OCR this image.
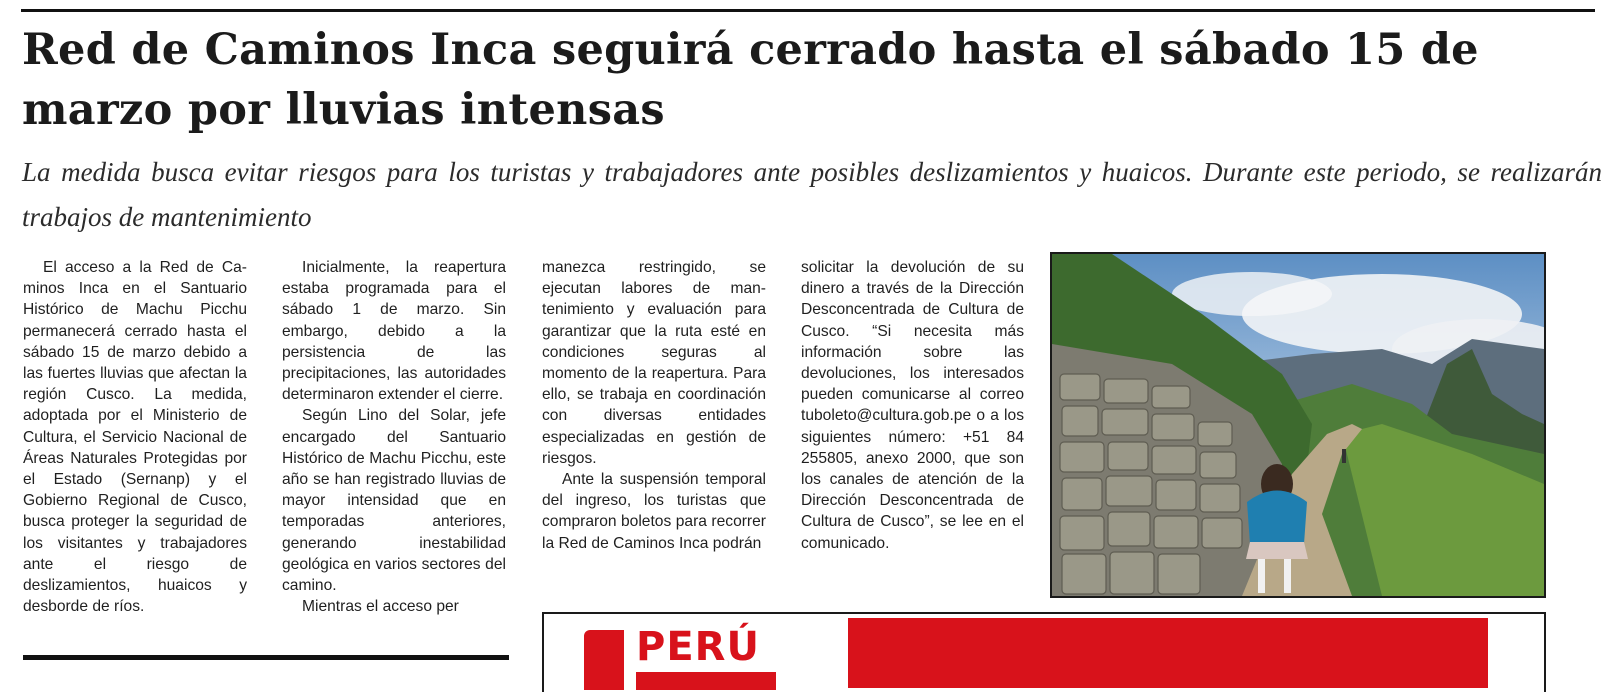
Red de Caminos Inca seguirá cerrado hasta el sábado 15 de marzo por lluvias intensas

La medida busca evitar riesgos para los turistas y trabajadores ante posibles deslizamientos y huaicos. Durante este periodo, se realizarán trabajos de mantenimiento

El acceso a la Red de Caminos Inca en el Santuario Histórico de Machu Picchu permanecerá cerrado hasta el sábado 15 de marzo debido a las fuertes lluvias que afectan la región Cusco. La medida, adoptada por el Ministerio de Cultura, el Servicio Nacional de Áreas Naturales Protegidas por el Estado (Sernanp) y el Gobierno Regional de Cusco, busca proteger la seguridad de los visitantes y trabajadores ante el riesgo de deslizamientos, huaicos y desborde de ríos.

Inicialmente, la reapertura estaba programada para el sábado 1 de marzo. Sin embargo, debido a la persistencia de las precipitaciones, las autoridades determinaron extender el cierre.

Según Lino del Solar, jefe encargado del Santuario Histórico de Machu Picchu, este año se han registrado lluvias de mayor intensidad que en temporadas anteriores, generando inestabilidad geológica en varios sectores del camino.

Mientras el acceso per

manezca restringido, se ejecutan labores de mantenimiento y evaluación para garantizar que la ruta esté en condiciones seguras al momento de la reapertura. Para ello, se trabaja en coordinación con diversas entidades especializadas en gestión de riesgos.

Ante la suspensión temporal del ingreso, los turistas que compraron boletos para recorrer la Red de Caminos Inca podrán

solicitar la devolución de su dinero a través de la Dirección Desconcentrada de Cultura de Cusco. “Si necesita más información sobre las devoluciones, los interesados pueden comunicarse al correo tuboleto@cultura.gob.pe o a los siguientes número: +51 84 255805, anexo 2000, que son los canales de atención de la Dirección Desconcentrada de Cultura de Cusco”, se lee en el comunicado.

PERÚ
